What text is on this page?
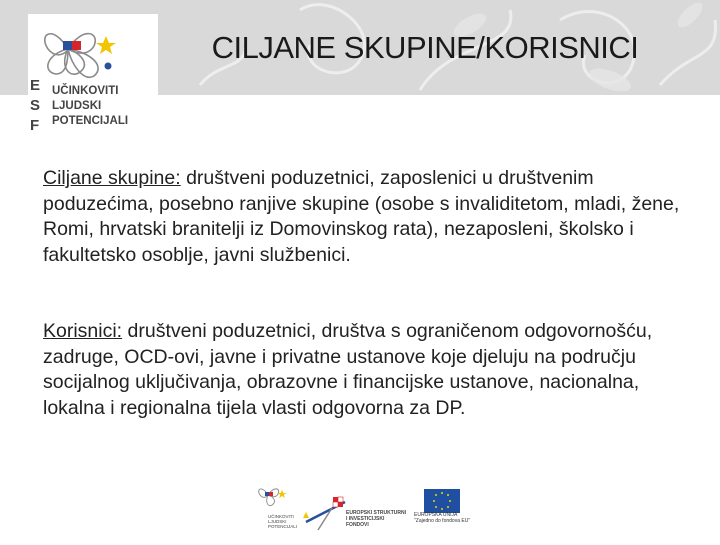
E
S
F
UČINKOVITI
LJUDSKI
POTENCIJALI
CILJANE SKUPINE/KORISNICI
Ciljane skupine: društveni poduzetnici, zaposlenici u društvenim poduzećima, posebno ranjive skupine (osobe s invaliditetom, mladi, žene, Romi, hrvatski branitelji iz Domovinskog rata), nezaposleni, školsko i fakultetsko osoblje, javni službenici.
Korisnici: društveni poduzetnici, društva s ograničenom odgovornošću, zadruge, OCD-ovi, javne i privatne ustanove koje djeluju na području socijalnog uključivanja, obrazovne i financijske ustanove, nacionalna, lokalna i regionalna tijela vlasti odgovorna za DP.
UČINKOVITI
LJUDSKI
POTENCIJALI
EUROPSKI STRUKTURNI
I INVESTICIJSKI FONDOVI
EUROPSKA UNIJA
"Zajedno do fondova EU"
